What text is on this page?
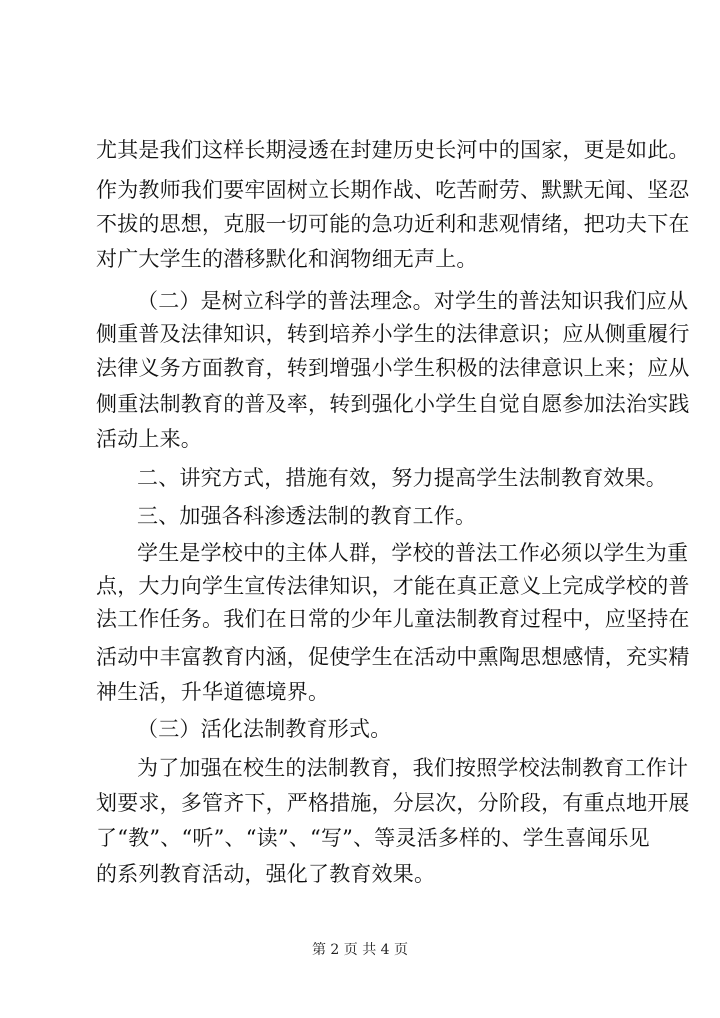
尤其是我们这样长期浸透在封建历史长河中的国家，更是如此。
作为教师我们要牢固树立长期作战、吃苦耐劳、默默无闻、坚忍
不拔的思想，克服一切可能的急功近利和悲观情绪，把功夫下在
对广大学生的潜移默化和润物细无声上。
（二）是树立科学的普法理念。对学生的普法知识我们应从
侧重普及法律知识，转到培养小学生的法律意识；应从侧重履行
法律义务方面教育，转到增强小学生积极的法律意识上来；应从
侧重法制教育的普及率，转到强化小学生自觉自愿参加法治实践
活动上来。
二、讲究方式，措施有效，努力提高学生法制教育效果。
三、加强各科渗透法制的教育工作。
学生是学校中的主体人群，学校的普法工作必须以学生为重
点，大力向学生宣传法律知识，才能在真正意义上完成学校的普
法工作任务。我们在日常的少年儿童法制教育过程中，应坚持在
活动中丰富教育内涵，促使学生在活动中熏陶思想感情，充实精
神生活，升华道德境界。
（三）活化法制教育形式。
为了加强在校生的法制教育，我们按照学校法制教育工作计
划要求，多管齐下，严格措施，分层次，分阶段，有重点地开展
了“教”、“听”、“读”、“写”、等灵活多样的、学生喜闻乐见
的系列教育活动，强化了教育效果。
第 2 页 共 4 页
